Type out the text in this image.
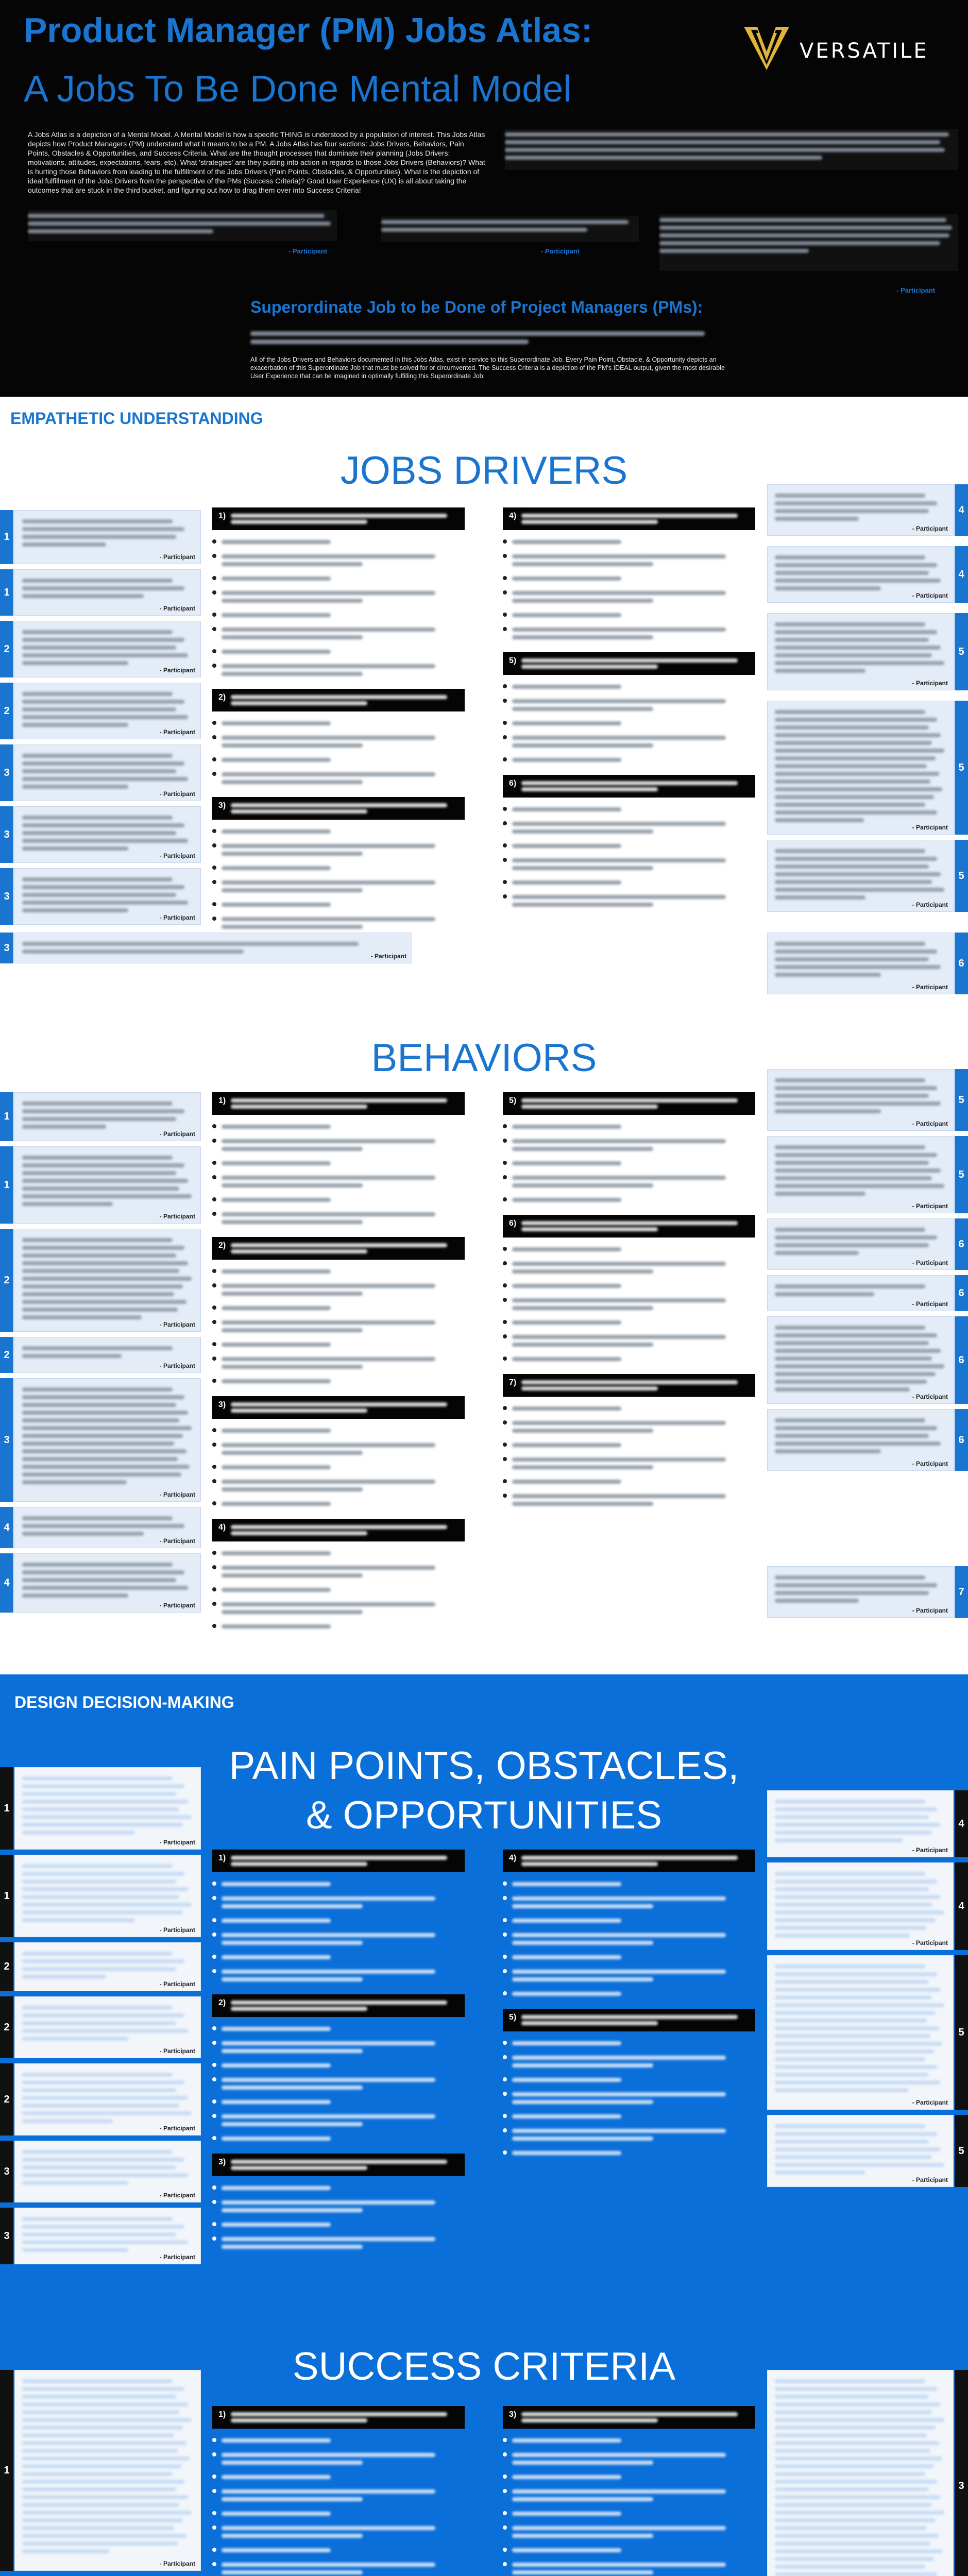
Product Manager (PM) Jobs Atlas:
A Jobs To Be Done Mental Model
VERSATILE
A Jobs Atlas is a depiction of a Mental Model. A Mental Model is how a specific THING is understood by a population of interest. This Jobs Atlas depicts how Product Managers (PM) understand what it means to be a PM. A Jobs Atlas has four sections: Jobs Drivers, Behaviors, Pain Points, Obstacles & Opportunities, and Success Criteria. What are the thought processes that dominate their planning (Jobs Drivers: motivations, attitudes, expectations, fears, etc). What 'strategies' are they putting into action in regards to those Jobs Drivers (Behaviors)? What is hurting those Behaviors from leading to the fulfillment of the Jobs Drivers (Pain Points, Obstacles, & Opportunities). What is the depiction of ideal fulfillment of the Jobs Drivers from the perspective of the PMs (Success Criteria)? Good User Experience (UX) is all about taking the outcomes that are stuck in the third bucket, and figuring out how to drag them over into Success Criteria!
- Participant	- Participant
- Participant
Superordinate Job to be Done of Project Managers (PMs):
All of the Jobs Drivers and Behaviors documented in this Jobs Atlas, exist in service to this Superordinate Job. Every Pain Point, Obstacle, & Opportunity depicts an exacerbation of this Superordinate Job that must be solved for or circumvented. The Success Criteria is a depiction of the PM's IDEAL output, given the most desirable User Experience that can be imagined in optimally fulfilling this Superordinate Job.
EMPATHETIC UNDERSTANDING
JOBS DRIVERS
1)
2)
3)
4)
5)
6)
BEHAVIORS
1)
2)
3)
4)
5)
6)
7)
1
- Participant
1
- Participant
2
- Participant
2
- Participant
3
- Participant
3
- Participant
3
- Participant
4
- Participant
4
- Participant
5
- Participant
5
- Participant
5
- Participant
6
- Participant
3
- Participant
1
- Participant
1
- Participant
2
- Participant
2
- Participant
3
- Participant
4
- Participant
4
- Participant
5
- Participant
5
- Participant
6
- Participant
6
- Participant
6
- Participant
6
- Participant
7
- Participant
DESIGN DECISION-MAKING
PAIN POINTS, OBSTACLES,
& OPPORTUNITIES
1)
2)
3)
4)
5)
SUCCESS CRITERIA
1)	3)
1
- Participant
1
- Participant
2
- Participant
2
- Participant
2
- Participant
3
- Participant
3
- Participant
4
- Participant
4
- Participant
5
- Participant
5
- Participant
1
- Participant
3
